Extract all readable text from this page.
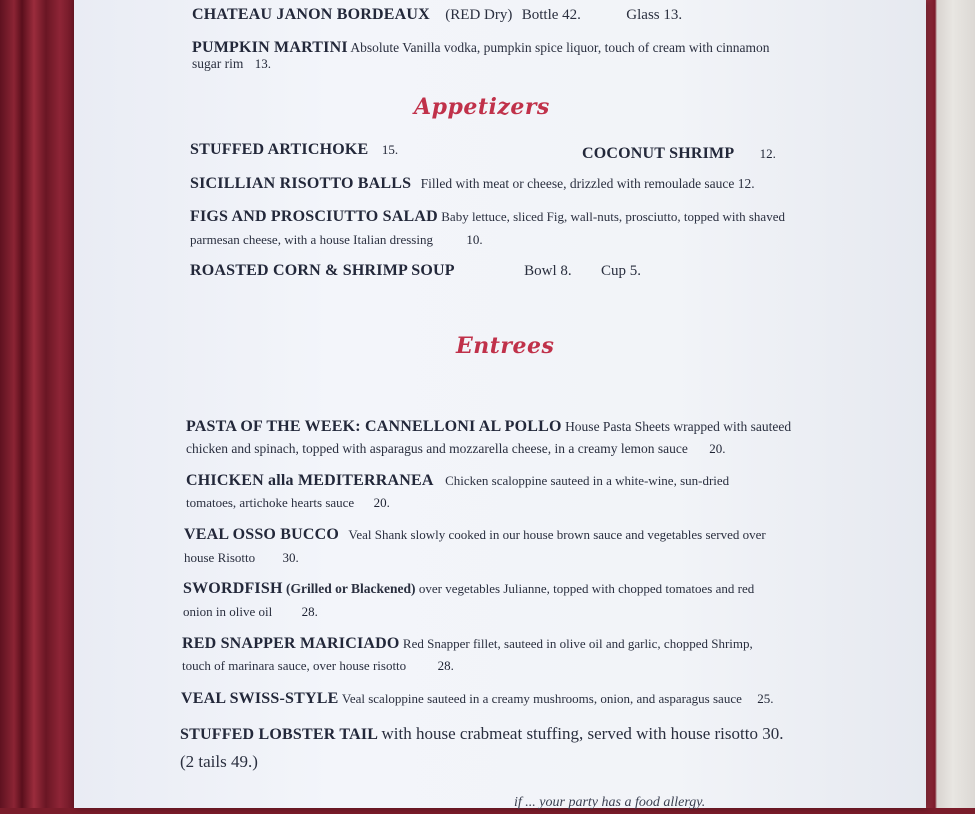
CHATEAU JANON BORDEAUX (RED Dry) Bottle 42.	Glass 13.
PUMPKIN MARTINI Absolute Vanilla vodka, pumpkin spice liquor, touch of cream with cinnamon
sugar rim 13.
Appetizers
STUFFED ARTICHOKE 15.	COCONUT SHRIMP 12.
SICILLIAN RISOTTO BALLS Filled with meat or cheese, drizzled with remoulade sauce 12.
FIGS AND PROSCIUTTO SALAD Baby lettuce, sliced Fig, wall-nuts, prosciutto, topped with shaved
parmesan cheese, with a house Italian dressing	10.
ROASTED CORN & SHRIMP SOUP	Bowl 8. Cup 5.
Entrees
PASTA OF THE WEEK: CANNELLONI AL POLLO House Pasta Sheets wrapped with sauteed
chicken and spinach, topped with asparagus and mozzarella cheese, in a creamy lemon sauce 20.
CHICKEN alla MEDITERRANEA Chicken scaloppine sauteed in a white-wine, sun-dried
tomatoes, artichoke hearts sauce 20.
VEAL OSSO BUCCO Veal Shank slowly cooked in our house brown sauce and vegetables served over
house Risotto 30.
SWORDFISH (Grilled or Blackened) over vegetables Julianne, topped with chopped tomatoes and red
onion in olive oil 28.
RED SNAPPER MARICIADO Red Snapper fillet, sauteed in olive oil and garlic, chopped Shrimp,
touch of marinara sauce, over house risotto 28.
VEAL SWISS-STYLE Veal scaloppine sauteed in a creamy mushrooms, onion, and asparagus sauce 25.
STUFFED LOBSTER TAIL with house crabmeat stuffing, served with house risotto 30.
(2 tails 49.)
if ... your party has a food allergy.
